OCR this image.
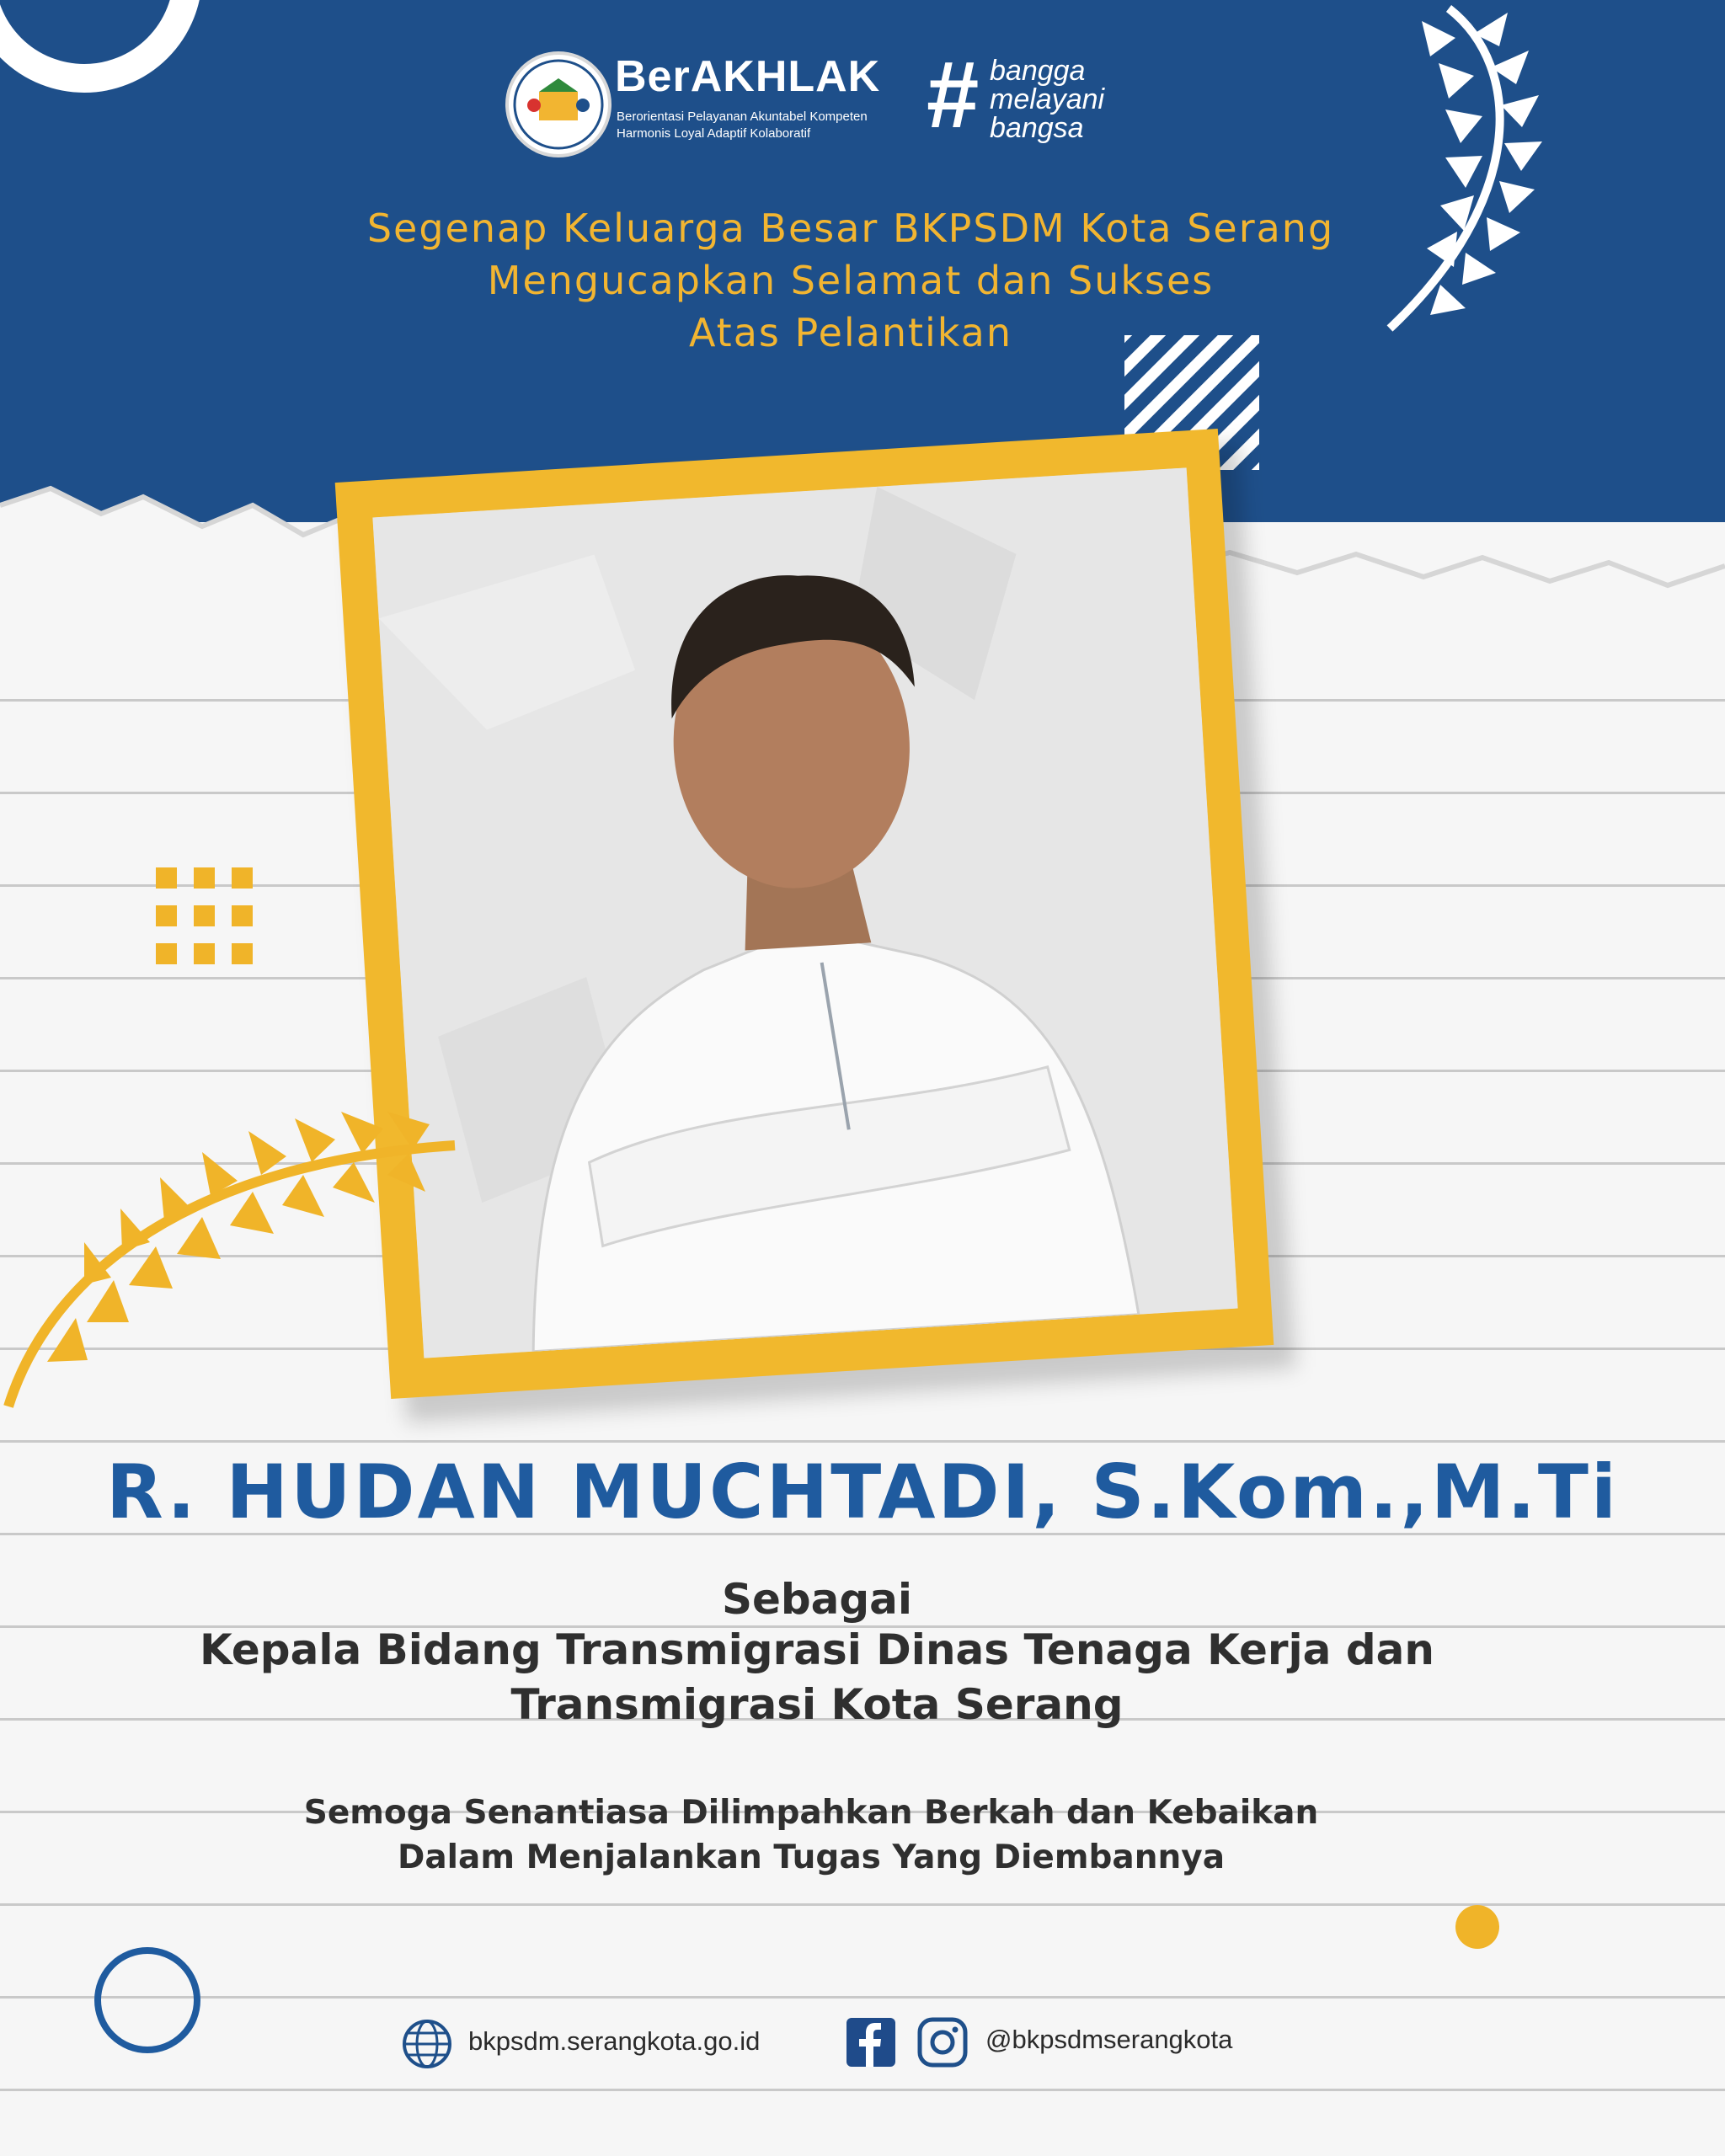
BerAKHLAK
Berorientasi Pelayanan Akuntabel Kompeten
Harmonis Loyal Adaptif Kolaboratif # bangga
melayani
bangsa
Segenap Keluarga Besar BKPSDM Kota Serang
Mengucapkan Selamat dan Sukses
Atas Pelantikan
R. HUDAN MUCHTADI, S.Kom.,M.Ti
Sebagai
Kepala Bidang Transmigrasi Dinas Tenaga Kerja dan
Transmigrasi Kota Serang
Semoga Senantiasa Dilimpahkan Berkah dan Kebaikan
Dalam Menjalankan Tugas Yang Diembannya
bkpsdm.serangkota.go.id	@bkpsdmserangkota
